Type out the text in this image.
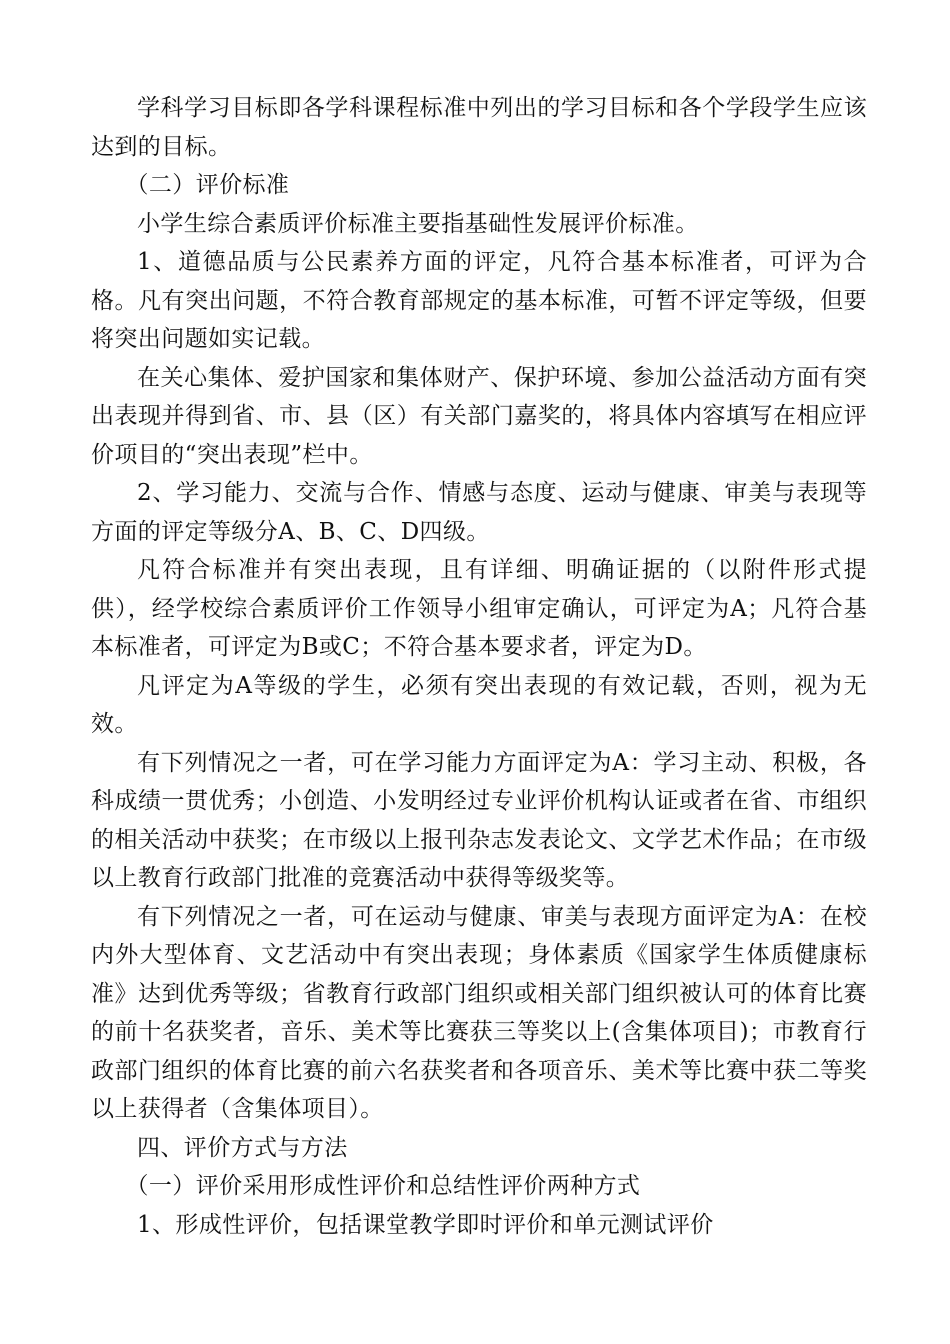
学科学习目标即各学科课程标准中列出的学习目标和各个学段学生应该达到的目标。

（二）评价标准

小学生综合素质评价标准主要指基础性发展评价标准。

1、道德品质与公民素养方面的评定，凡符合基本标准者，可评为合格。凡有突出问题，不符合教育部规定的基本标准，可暂不评定等级，但要将突出问题如实记载。

在关心集体、爱护国家和集体财产、保护环境、参加公益活动方面有突出表现并得到省、市、县（区）有关部门嘉奖的，将具体内容填写在相应评价项目的“突出表现”栏中。

2、学习能力、交流与合作、情感与态度、运动与健康、审美与表现等方面的评定等级分A、B、C、D四级。

凡符合标准并有突出表现，且有详细、明确证据的（以附件形式提供），经学校综合素质评价工作领导小组审定确认，可评定为A；凡符合基本标准者，可评定为B或C；不符合基本要求者，评定为D。

凡评定为A等级的学生，必须有突出表现的有效记载，否则，视为无效。

有下列情况之一者，可在学习能力方面评定为A：学习主动、积极，各科成绩一贯优秀；小创造、小发明经过专业评价机构认证或者在省、市组织的相关活动中获奖；在市级以上报刊杂志发表论文、文学艺术作品；在市级以上教育行政部门批准的竞赛活动中获得等级奖等。

有下列情况之一者，可在运动与健康、审美与表现方面评定为A：在校内外大型体育、文艺活动中有突出表现；身体素质《国家学生体质健康标准》达到优秀等级；省教育行政部门组织或相关部门组织被认可的体育比赛的前十名获奖者，音乐、美术等比赛获三等奖以上(含集体项目)；市教育行政部门组织的体育比赛的前六名获奖者和各项音乐、美术等比赛中获二等奖以上获得者（含集体项目）。

四、评价方式与方法

（一）评价采用形成性评价和总结性评价两种方式

1、形成性评价，包括课堂教学即时评价和单元测试评价
